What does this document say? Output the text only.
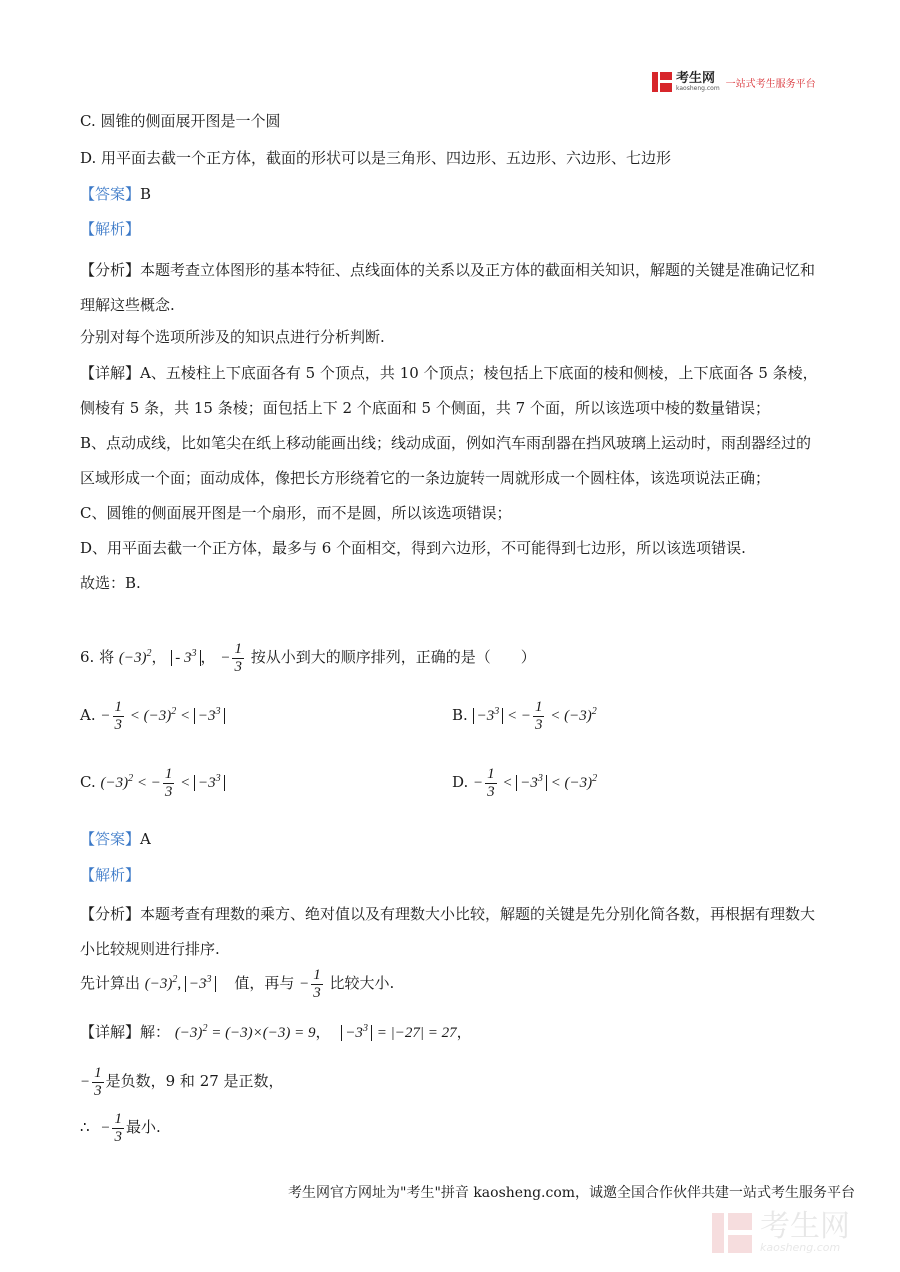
考生网
kaosheng.com 一站式考生服务平台
C. 圆锥的侧面展开图是一个圆
D. 用平面去截一个正方体，截面的形状可以是三角形、四边形、五边形、六边形、七边形
【答案】B
【解析】
【分析】本题考查立体图形的基本特征、点线面体的关系以及正方体的截面相关知识，解题的关键是准确记忆和理解这些概念.
分别对每个选项所涉及的知识点进行分析判断.
【详解】A、五棱柱上下底面各有 5 个顶点，共 10 个顶点；棱包括上下底面的棱和侧棱，上下底面各 5 条棱，侧棱有 5 条，共 15 条棱；面包括上下 2 个底面和 5 个侧面，共 7 个面，所以该选项中棱的数量错误；
B、点动成线，比如笔尖在纸上移动能画出线；线动成面，例如汽车雨刮器在挡风玻璃上运动时，雨刮器经过的区域形成一个面；面动成体，像把长方形绕着它的一条边旋转一周就形成一个圆柱体，该选项说法正确；
C、圆锥的侧面展开图是一个扇形，而不是圆，所以该选项错误；
D、用平面去截一个正方体，最多与 6 个面相交，得到六边形，不可能得到七边形，所以该选项错误.
故选：B.
6. 将 $(-3)^2$， - $3^3$ ， − $\frac{1}{3}$ 按从小到大的顺序排列，正确的是（　　）
A. − $\frac{1}{3} < (-3)^2 < -3^3$	B. $-3^3$ < − $\frac{1}{3} < (-3)^2$
C. $(-3)^2$ < − $\frac{1}{3} < -3^3$	D. − $\frac{1}{3} < -3^3 < (-3)^2$
【答案】A
【解析】
【分析】本题考查有理数的乘方、绝对值以及有理数大小比较，解题的关键是先分别化简各数，再根据有理数大小比较规则进行排序.
先计算出 $(-3)^2$, $-3^3$ 值，再与 − $\frac{1}{3}$ 比较大小.
【详解】解： $(-3)^2 = (-3)\times(-3) = 9$， $-3^3 = |-27| = 27$，
− $\frac{1}{3}$ 是负数，9 和 27 是正数，
∴ − $\frac{1}{3}$ 最小.
考生网官方网址为"考生"拼音 kaosheng.com，诚邀全国合作伙伴共建一站式考生服务平台
考生网
kaosheng.com
